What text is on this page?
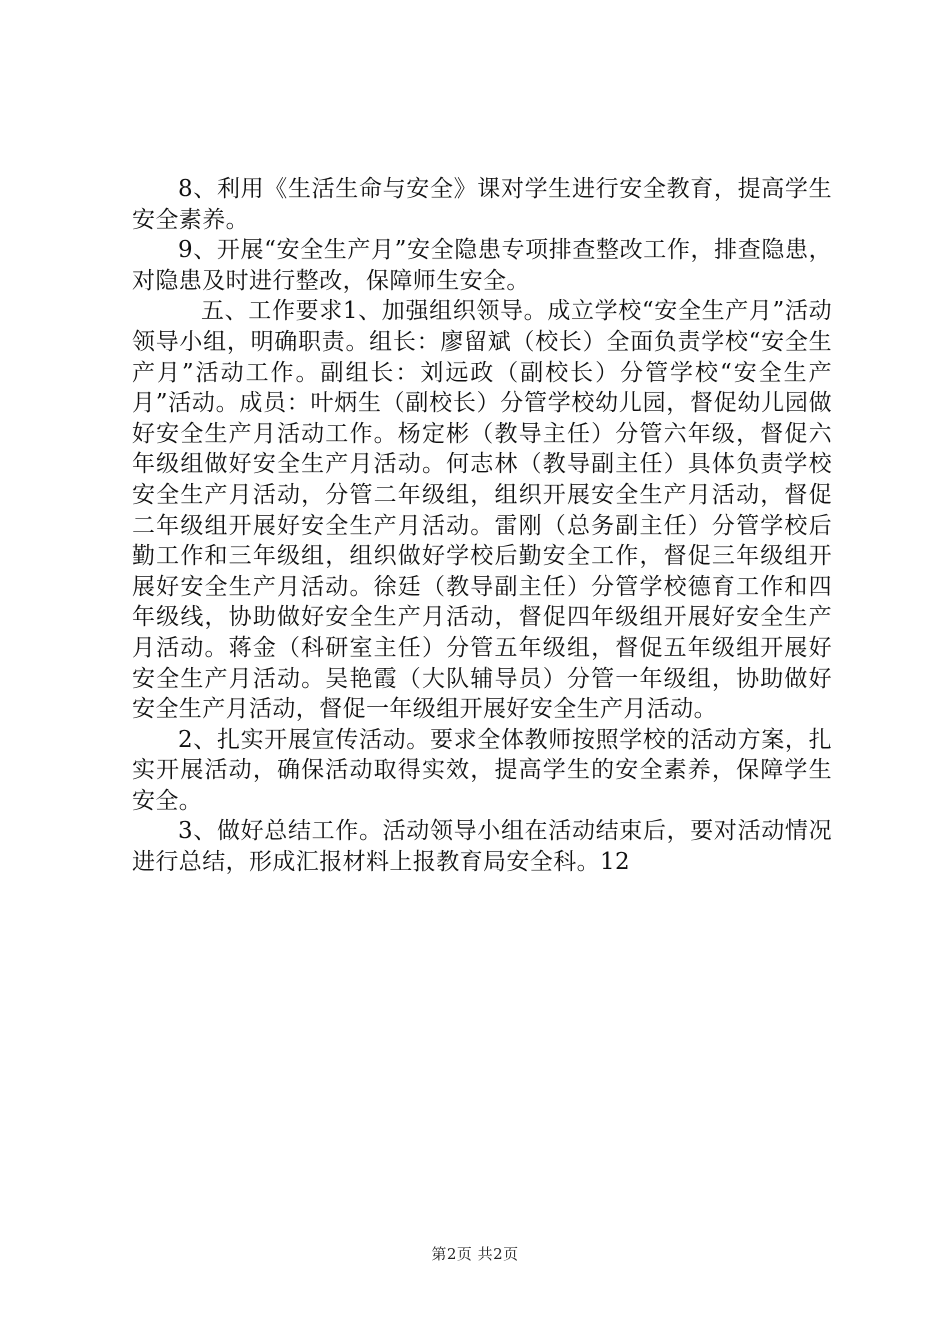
8、利用《生活生命与安全》课对学生进行安全教育，提高学生安全素养。

9、开展“安全生产月”安全隐患专项排查整改工作，排查隐患，对隐患及时进行整改，保障师生安全。

五、工作要求1、加强组织领导。成立学校“安全生产月”活动领导小组，明确职责。组长：廖留斌（校长）全面负责学校“安全生产月”活动工作。副组长：刘远政（副校长）分管学校“安全生产月”活动。成员：叶炳生（副校长）分管学校幼儿园，督促幼儿园做好安全生产月活动工作。杨定彬（教导主任）分管六年级，督促六年级组做好安全生产月活动。何志林（教导副主任）具体负责学校安全生产月活动，分管二年级组，组织开展安全生产月活动，督促二年级组开展好安全生产月活动。雷刚（总务副主任）分管学校后勤工作和三年级组，组织做好学校后勤安全工作，督促三年级组开展好安全生产月活动。徐廷（教导副主任）分管学校德育工作和四年级线，协助做好安全生产月活动，督促四年级组开展好安全生产月活动。蒋金（科研室主任）分管五年级组，督促五年级组开展好安全生产月活动。吴艳霞（大队辅导员）分管一年级组，协助做好安全生产月活动，督促一年级组开展好安全生产月活动。

2、扎实开展宣传活动。要求全体教师按照学校的活动方案，扎实开展活动，确保活动取得实效，提高学生的安全素养，保障学生安全。

3、做好总结工作。活动领导小组在活动结束后，要对活动情况进行总结，形成汇报材料上报教育局安全科。12

第2页 共2页
